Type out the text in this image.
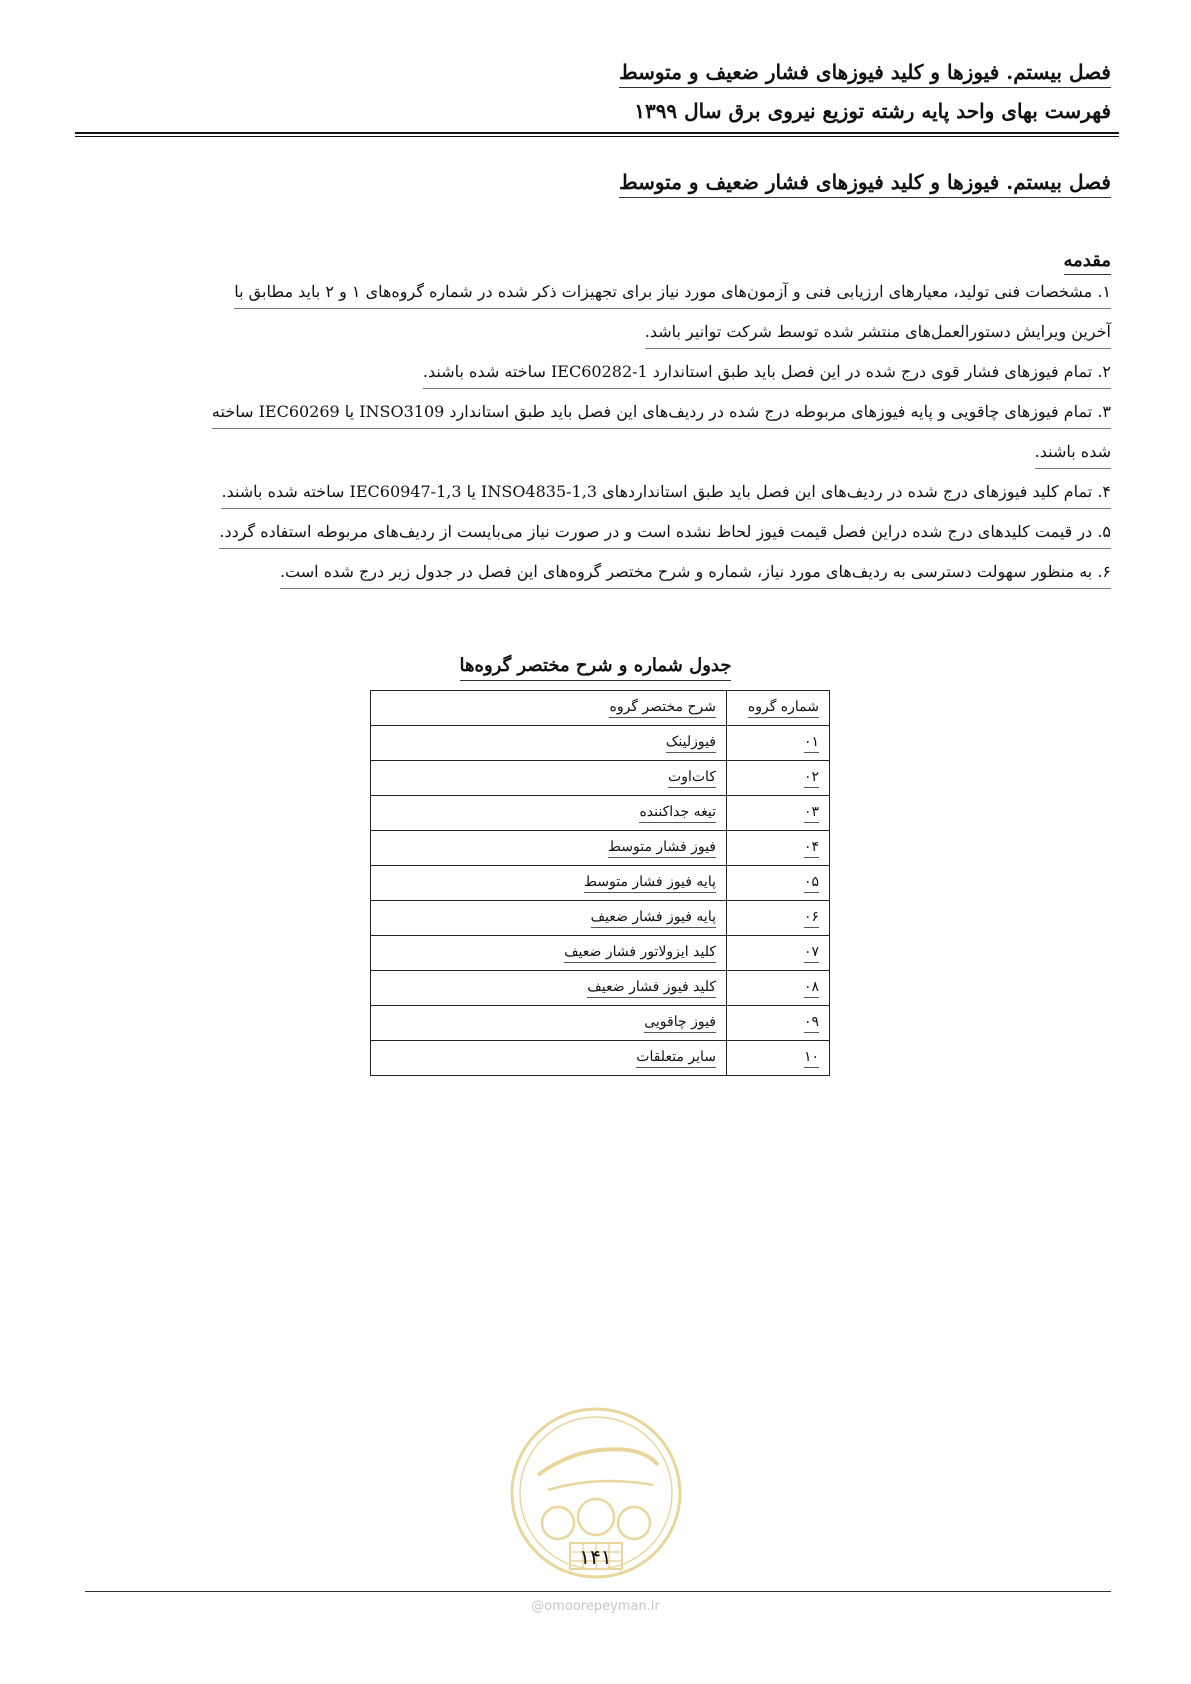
فصل بیستم. فیوزها و کلید فیوزهای فشار ضعیف و متوسط
فهرست بهای واحد پایه رشته توزیع نیروی برق سال ۱۳۹۹
فصل بیستم. فیوزها و کلید فیوزهای فشار ضعیف و متوسط
مقدمه
۱. مشخصات فنی تولید، معیارهای ارزیابی فنی و آزمون‌های مورد نیاز برای تجهیزات ذکر شده در شماره گروه‌های ۱ و ۲ باید مطابق با
آخرین ویرایش دستورالعمل‌های منتشر شده توسط شرکت توانیر باشد.
۲. تمام فیوزهای فشار قوی درج شده در این فصل باید طبق استاندارد IEC60282-1 ساخته شده باشند.
۳. تمام فیوزهای چاقویی و پایه فیوزهای مربوطه درج شده در ردیف‌های این فصل باید طبق استاندارد INSO3109 یا IEC60269 ساخته
شده باشند.
۴. تمام کلید فیوزهای درج شده در ردیف‌های این فصل باید طبق استانداردهای INSO4835-1,3 یا IEC60947-1,3 ساخته شده باشند.
۵. در قیمت کلیدهای درج شده دراین فصل قیمت فیوز لحاظ نشده است و در صورت نیاز می‌بایست از ردیف‌های مربوطه استفاده گردد.
۶. به منظور سهولت دسترسی به ردیف‌های مورد نیاز، شماره و شرح مختصر گروه‌های این فصل در جدول زیر درج شده است.
جدول شماره و شرح مختصر گروه‌ها
شماره گروه	شرح مختصر گروه
۰۱	فیوزلینک
۰۲	کات‌اوت
۰۳	تیغه جداکننده
۰۴	فیوز فشار متوسط
۰۵	پایه فیوز فشار متوسط
۰۶	پایه فیوز فشار ضعیف
۰۷	کلید ایزولاتور فشار ضعیف
۰۸	کلید فیوز فشار ضعیف
۰۹	فیوز چاقویی
۱۰	سایر متعلقات
۱۴۱
@omoorepeyman.ir
